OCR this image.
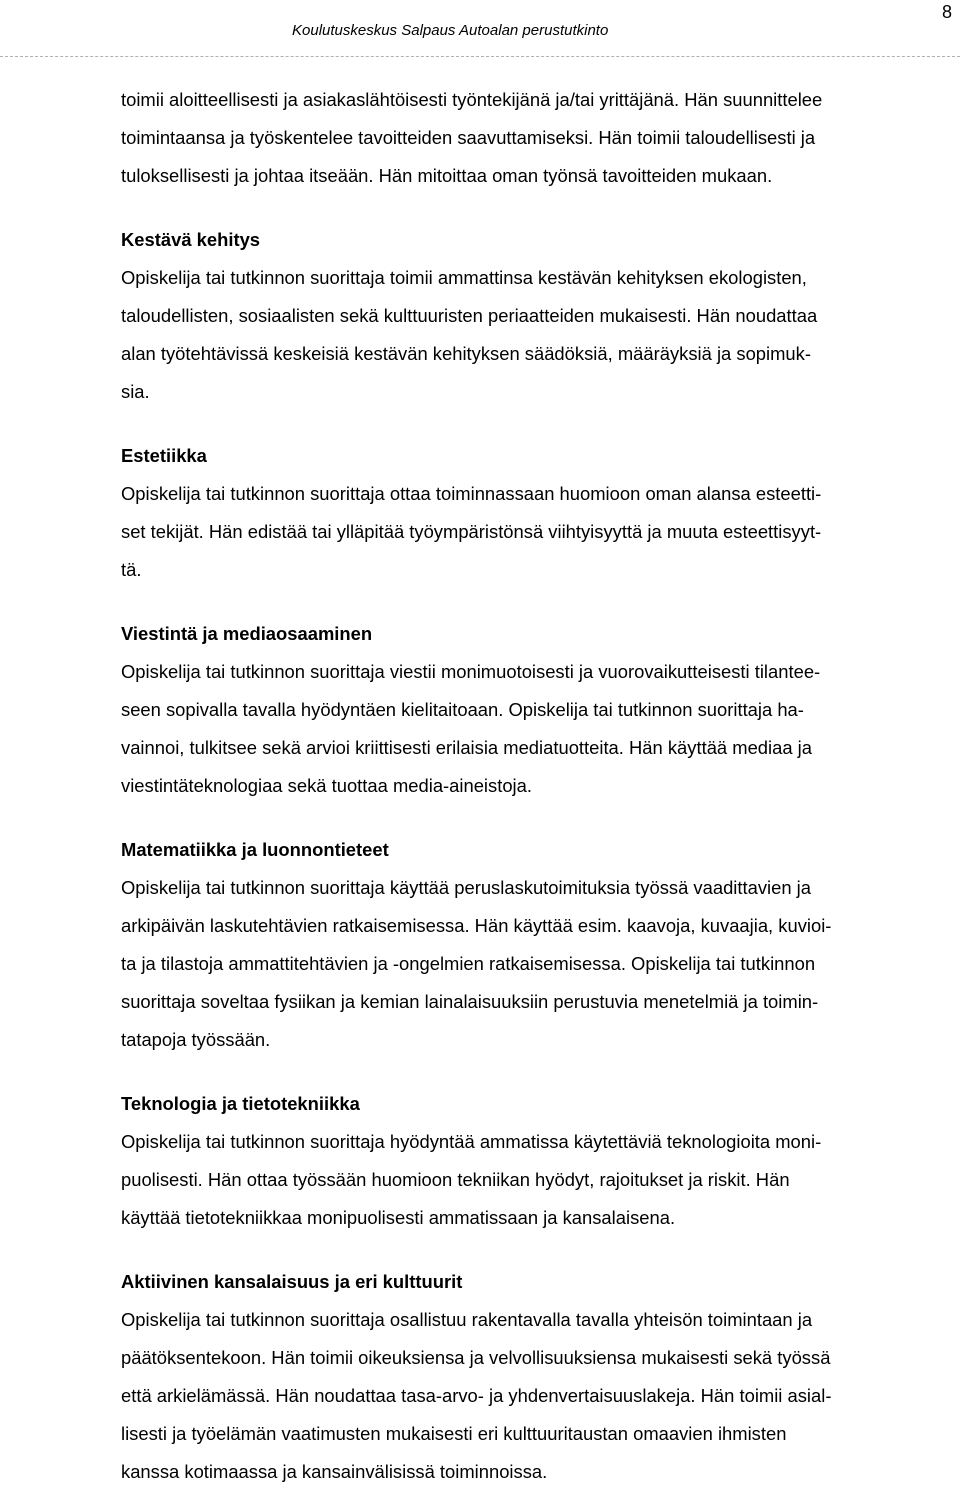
Koulutuskeskus Salpaus Autoalan perustutkinto
8

toimii aloitteellisesti ja asiakaslähtöisesti työntekijänä ja/tai yrittäjänä. Hän suunnittelee
toimintaansa ja työskentelee tavoitteiden saavuttamiseksi. Hän toimii taloudellisesti ja
tuloksellisesti ja johtaa itseään. Hän mitoittaa oman työnsä tavoitteiden mukaan.

Kestävä kehitys

Opiskelija tai tutkinnon suorittaja toimii ammattinsa kestävän kehityksen ekologisten,
taloudellisten, sosiaalisten sekä kulttuuristen periaatteiden mukaisesti. Hän noudattaa
alan työtehtävissä keskeisiä kestävän kehityksen säädöksiä, määräyksiä ja sopimuk-
sia.

Estetiikka

Opiskelija tai tutkinnon suorittaja ottaa toiminnassaan huomioon oman alansa esteetti-
set tekijät. Hän edistää tai ylläpitää työympäristönsä viihtyisyyttä ja muuta esteettisyyt-
tä.

Viestintä ja mediaosaaminen

Opiskelija tai tutkinnon suorittaja viestii monimuotoisesti ja vuorovaikutteisesti tilantee-
seen sopivalla tavalla hyödyntäen kielitaitoaan. Opiskelija tai tutkinnon suorittaja ha-
vainnoi, tulkitsee sekä arvioi kriittisesti erilaisia mediatuotteita. Hän käyttää mediaa ja
viestintäteknologiaa sekä tuottaa media-aineistoja.

Matematiikka ja luonnontieteet

Opiskelija tai tutkinnon suorittaja käyttää peruslaskutoimituksia työssä vaadittavien ja
arkipäivän laskutehtävien ratkaisemisessa. Hän käyttää esim. kaavoja, kuvaajia, kuvioi-
ta ja tilastoja ammattitehtävien ja -ongelmien ratkaisemisessa. Opiskelija tai tutkinnon
suorittaja soveltaa fysiikan ja kemian lainalaisuuksiin perustuvia menetelmiä ja toimin-
tatapoja työssään.

Teknologia ja tietotekniikka

Opiskelija tai tutkinnon suorittaja hyödyntää ammatissa käytettäviä teknologioita moni-
puolisesti. Hän ottaa työssään huomioon tekniikan hyödyt, rajoitukset ja riskit. Hän
käyttää tietotekniikkaa monipuolisesti ammatissaan ja kansalaisena.

Aktiivinen kansalaisuus ja eri kulttuurit

Opiskelija tai tutkinnon suorittaja osallistuu rakentavalla tavalla yhteisön toimintaan ja
päätöksentekoon. Hän toimii oikeuksiensa ja velvollisuuksiensa mukaisesti sekä työssä
että arkielämässä. Hän noudattaa tasa-arvo- ja yhdenvertaisuuslakeja. Hän toimii asial-
lisesti ja työelämän vaatimusten mukaisesti eri kulttuuritaustan omaavien ihmisten
kanssa kotimaassa ja kansainvälisissä toiminnoissa.
